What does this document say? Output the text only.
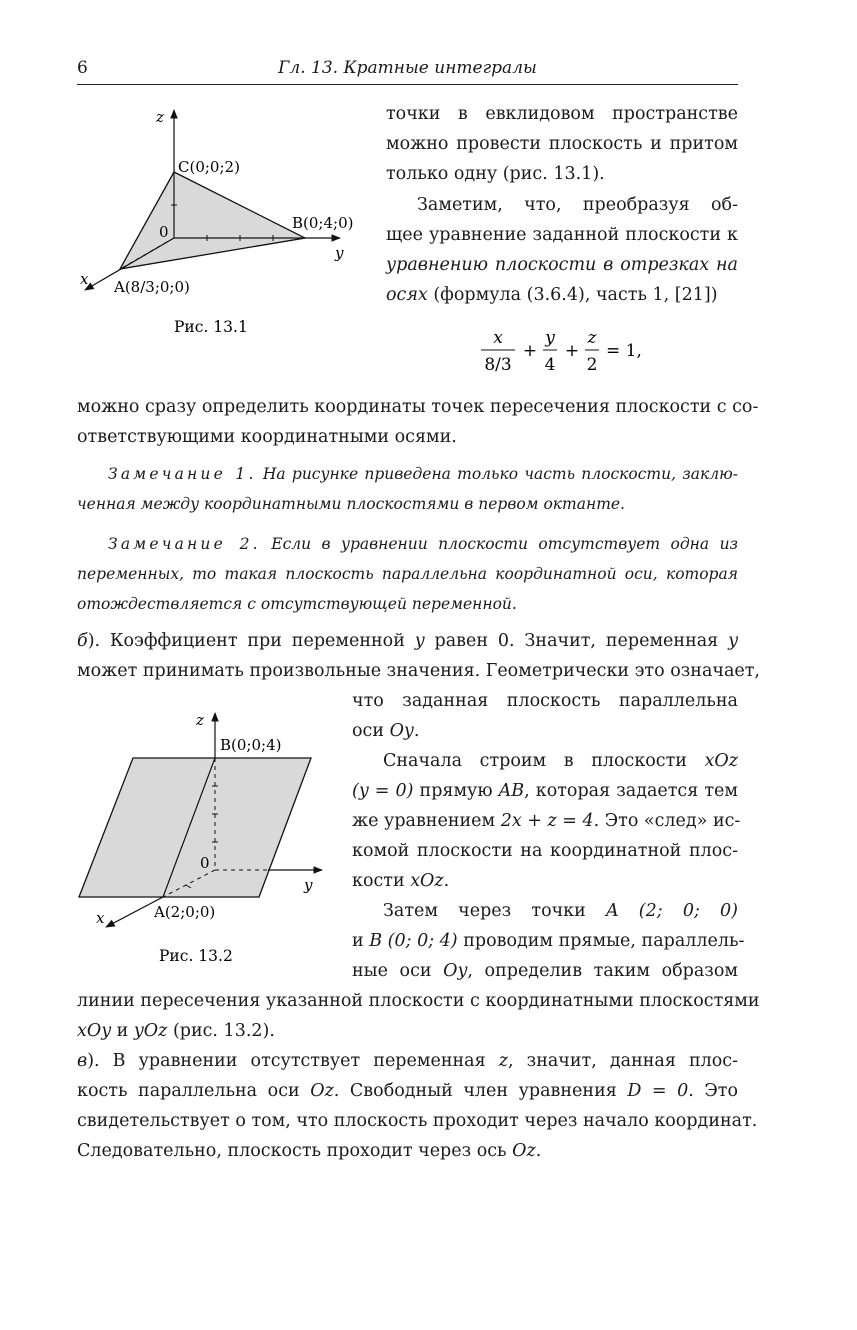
6	Гл. 13. Кратные интегралы
z
y
x
0
C(0;0;2)
B(0;4;0)
A(8/3;0;0)
Рис. 13.1
точки в евклидовом пространстве
можно провести плоскость и притом
только одну (рис. 13.1).
Заметим, что, преобразуя об-
щее уравнение заданной плоскости к
уравнению плоскости в отрезках на
осях (формула (3.6.4), часть 1, [21])
x
8/3
+
y
4
+
z
2
= 1,
можно сразу определить координаты точек пересечения плоскости с со-
ответствующими координатными осями.
Замечание 1. На рисунке приведена только часть плоскости, заклю-
ченная между координатными плоскостями в первом октанте.
Замечание 2. Если в уравнении плоскости отсутствует одна из
переменных, то такая плоскость параллельна координатной оси, которая
отождествляется с отсутствующей переменной.
б). Коэффициент при переменной y равен 0. Значит, переменная y
может принимать произвольные значения. Геометрически это означает,
что заданная плоскость параллельна
оси Oy.
z
y
x
0
B(0;0;4)
A(2;0;0)
Рис. 13.2
Сначала строим в плоскости xOz
(y = 0) прямую AB, которая задается тем
же уравнением 2x + z = 4. Это «след» ис-
комой плоскости на координатной плос-
кости xOz.
Затем через точки A (2; 0; 0)
и B (0; 0; 4) проводим прямые, параллель-
ные оси Oy, определив таким образом
линии пересечения указанной плоскости с координатными плоскостями
xOy и yOz (рис. 13.2).
в). В уравнении отсутствует переменная z, значит, данная плос-
кость параллельна оси Oz. Свободный член уравнения D = 0. Это
свидетельствует о том, что плоскость проходит через начало координат.
Следовательно, плоскость проходит через ось Oz.
